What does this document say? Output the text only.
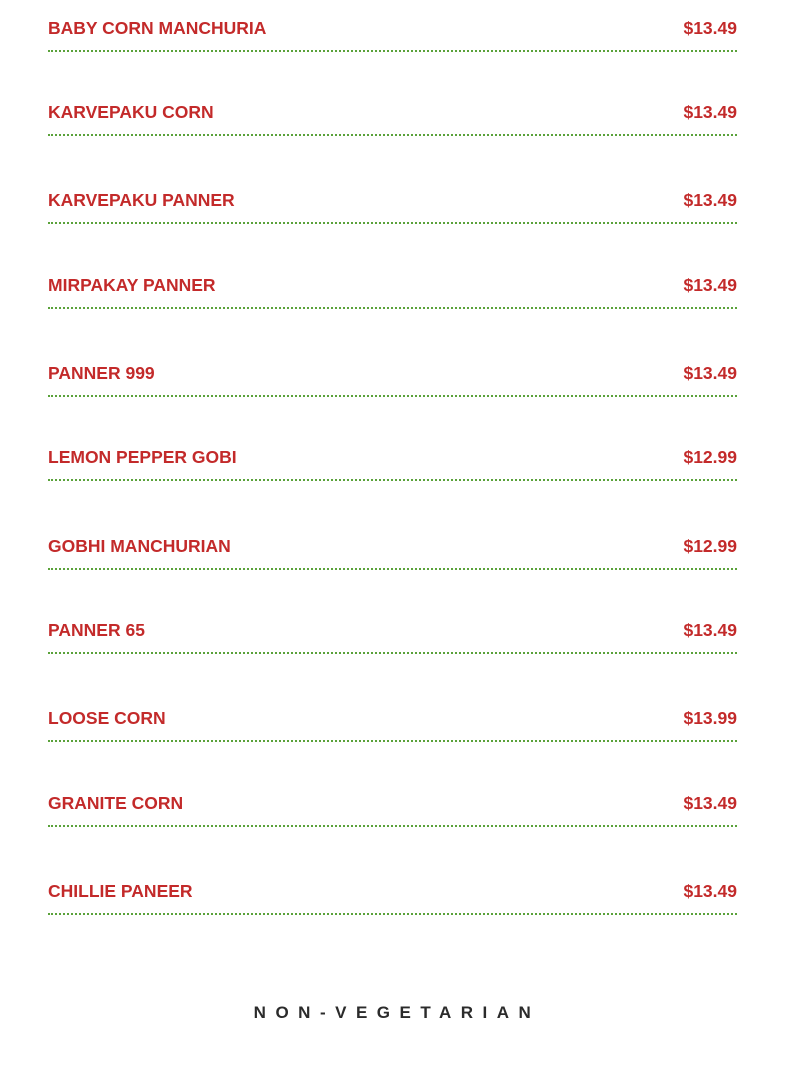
BABY CORN MANCHURIA	$13.49
KARVEPAKU CORN	$13.49
KARVEPAKU PANNER	$13.49
MIRPAKAY PANNER	$13.49
PANNER 999	$13.49
LEMON PEPPER GOBI	$12.99
GOBHI MANCHURIAN	$12.99
PANNER 65	$13.49
LOOSE CORN	$13.99
GRANITE CORN	$13.49
CHILLIE PANEER	$13.49
NON-VEGETARIAN
